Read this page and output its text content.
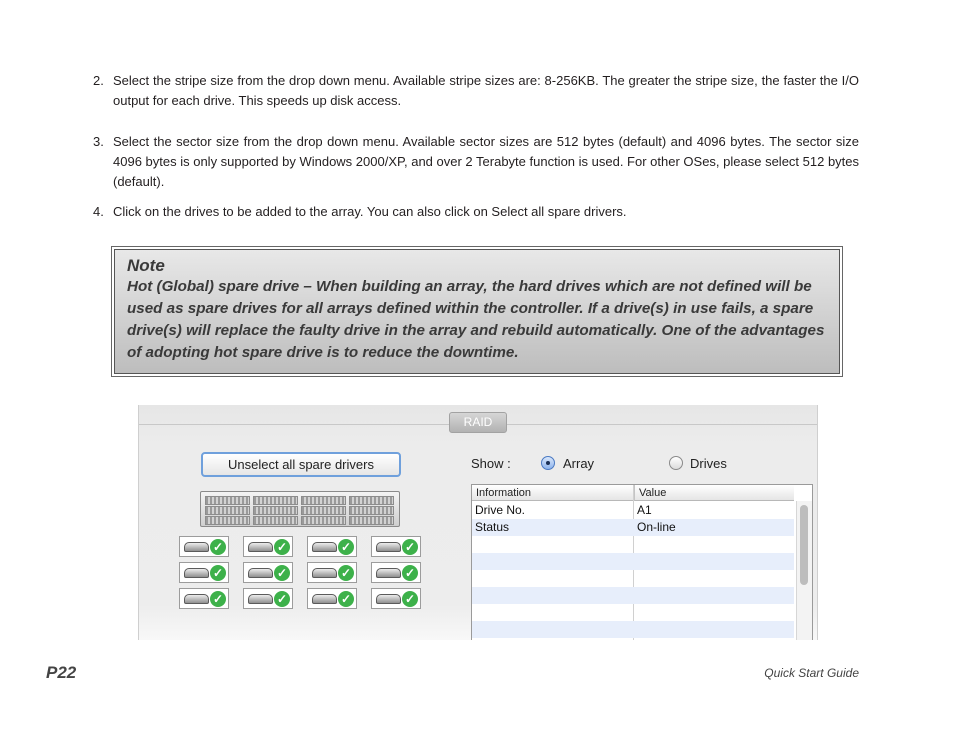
2. Select the stripe size from the drop down menu. Available stripe sizes are: 8-256KB. The greater the stripe size, the faster the I/O output for each drive. This speeds up disk access.
3. Select the sector size from the drop down menu. Available sector sizes are 512 bytes (default) and 4096 bytes. The sector size 4096 bytes is only supported by Windows 2000/XP, and over 2 Terabyte function is used. For other OSes, please select 512 bytes (default).
4. Click on the drives to be added to the array. You can also click on Select all spare drivers.
Note
Hot (Global) spare drive – When building an array, the hard drives which are not defined will be used as spare drives for all arrays defined within the controller. If a drive(s) in use fails, a spare drive(s) will replace the faulty drive in the array and rebuild automatically. One of the advantages of adopting hot spare drive is to reduce the downtime.
RAID
Unselect all spare drivers
✓	✓	✓	✓
✓	✓	✓	✓
✓	✓	✓	✓
Show :	Array	Drives
Information	Value
Drive No.	A1
Status	On-line
P22	Quick Start Guide
